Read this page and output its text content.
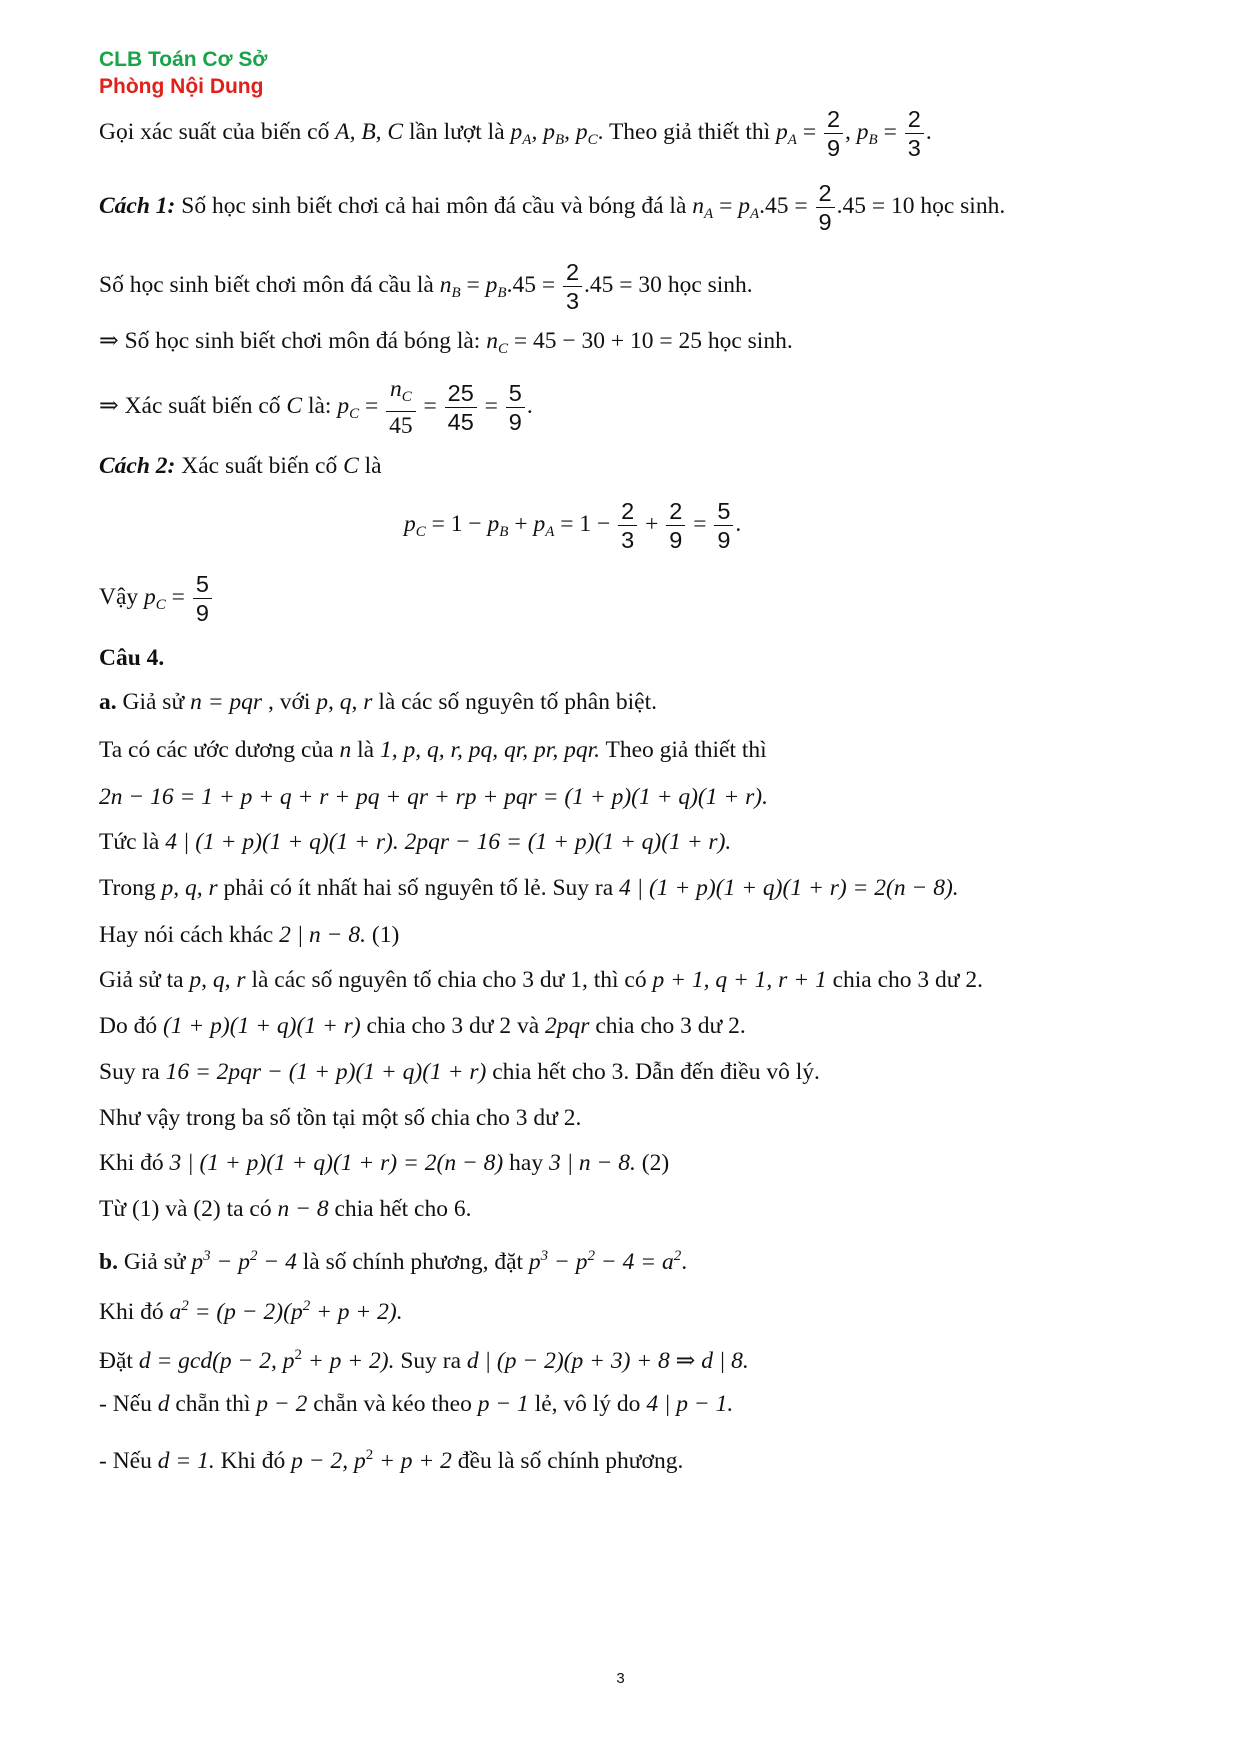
CLB Toán Cơ Sở
Phòng Nội Dung
Gọi xác suất của biến cố A, B, C lần lượt là $p_A$, $p_B$, $p_C$. Theo giả thiết thì $p_A = \frac{2}{9}$ , $p_B = \frac{2}{3}$ .
Cách 1: Số học sinh biết chơi cả hai môn đá cầu và bóng đá là $n_A = p_A.45 = \frac{2}{9} .45 = 10$ học sinh.
Số học sinh biết chơi môn đá cầu là $n_B = p_B.45 = \frac{2}{3} .45 = 30$ học sinh.
⇒ Số học sinh biết chơi môn đá bóng là: $n_C = 45 - 30 + 10 = 25$ học sinh.
⇒ Xác suất biến cố C là: $p_C = \frac{n_C}{45} = \frac{25}{45} = \frac{5}{9}$ .
Cách 2: Xác suất biến cố C là
$p_C = 1 - p_B + p_A = 1 - \frac{2}{3} + \frac{2}{9} = \frac{5}{9}$ .
Vậy $p_C = \frac{5}{9}$
Câu 4.
a. Giả sử n = pqr , với p, q, r là các số nguyên tố phân biệt.
Ta có các ước dương của n là 1, p, q, r, pq, qr, pr, pqr. Theo giả thiết thì
2n − 16 = 1 + p + q + r + pq + qr + rp + pqr = (1 + p)(1 + q)(1 + r).
Tức là 4 | (1 + p)(1 + q)(1 + r). 2pqr − 16 = (1 + p)(1 + q)(1 + r).
Trong p, q, r phải có ít nhất hai số nguyên tố lẻ. Suy ra 4 | (1 + p)(1 + q)(1 + r) = 2(n − 8).
Hay nói cách khác 2 | n − 8. (1)
Giả sử ta p, q, r là các số nguyên tố chia cho 3 dư 1, thì có p + 1, q + 1, r + 1 chia cho 3 dư 2.
Do đó (1 + p)(1 + q)(1 + r) chia cho 3 dư 2 và 2pqr chia cho 3 dư 2.
Suy ra 16 = 2pqr − (1 + p)(1 + q)(1 + r) chia hết cho 3. Dẫn đến điều vô lý.
Như vậy trong ba số tồn tại một số chia cho 3 dư 2.
Khi đó 3 | (1 + p)(1 + q)(1 + r) = 2(n − 8) hay 3 | n − 8. (2)
Từ (1) và (2) ta có n − 8 chia hết cho 6.
b. Giả sử $p^3 - p^2 - 4$ là số chính phương, đặt $p^3 - p^2 - 4 = a^2$.
Khi đó $a^2 = (p - 2)(p^2 + p + 2)$.
Đặt d = gcd(p − 2, $p^2 + p + 2$). Suy ra d | (p − 2)(p + 3) + 8 ⇒ d | 8.
- Nếu d chẵn thì p − 2 chẵn và kéo theo p − 1 lẻ, vô lý do 4 | p − 1.
- Nếu d = 1. Khi đó p − 2, $p^2 + p + 2$ đều là số chính phương.
3
